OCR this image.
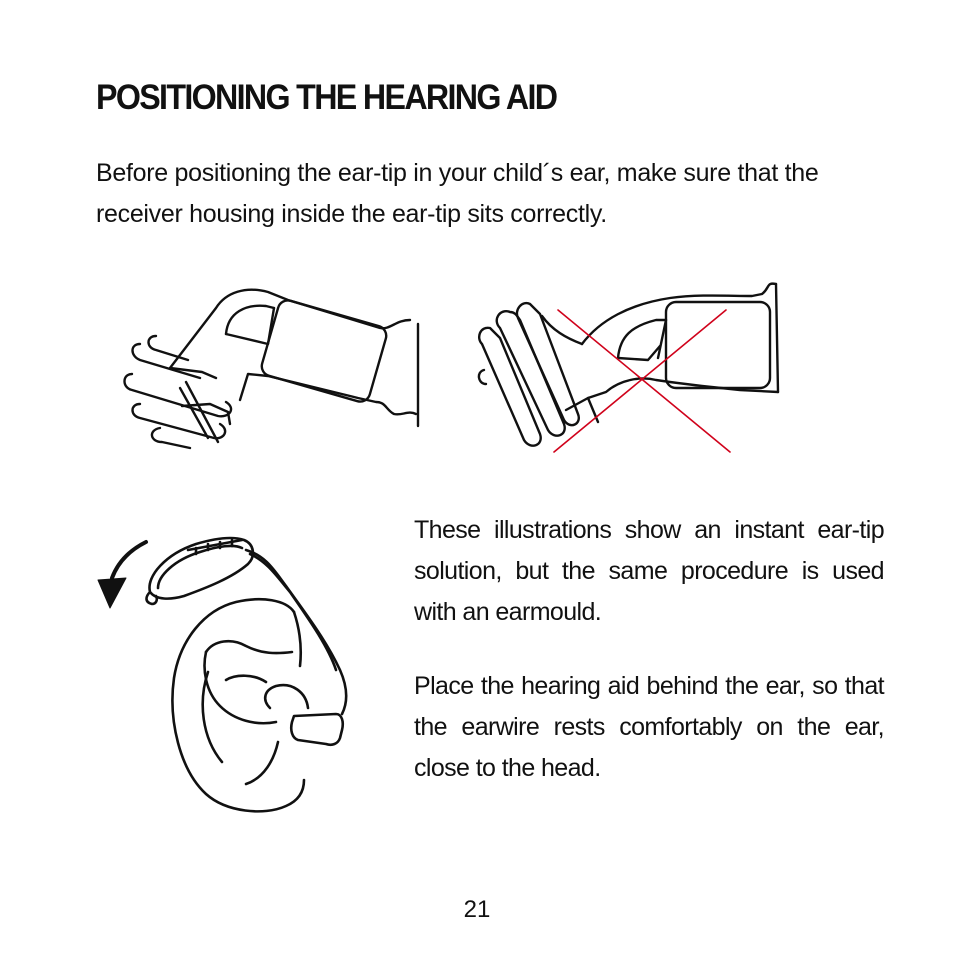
POSITIONING THE HEARING AID

Before positioning the ear-tip in your child´s ear, make sure that the receiver housing inside the ear-tip sits correctly.

These illustrations show an instant ear-tip solution, but the same procedure is used with an earmould.

Place the hearing aid behind the ear, so that the earwire rests comfortably on the ear, close to the head.

21
